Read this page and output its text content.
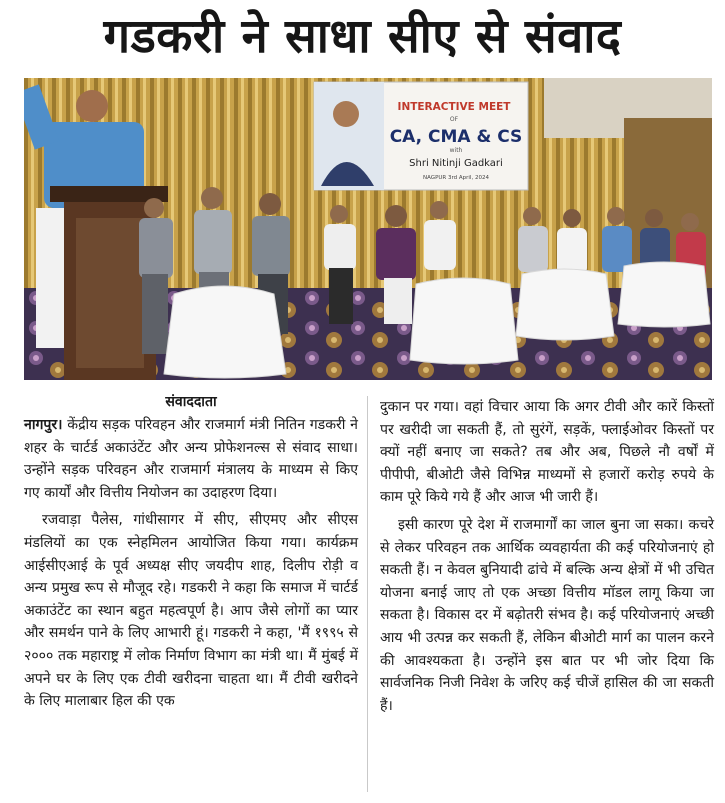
गडकरी ने साधा सीए से संवाद
INTERACTIVE MEET
OF
CA, CMA & CS
with
Shri Nitinji Gadkari
NAGPUR 3rd April, 2024
संवाददाता

नागपुर। केंद्रीय सड़क परिवहन और राजमार्ग मंत्री नितिन गडकरी ने शहर के चार्टर्ड अकाउंटेंट और अन्य प्रोफेशनल्स से संवाद साधा। उन्होंने सड़क परिवहन और राजमार्ग मंत्रालय के माध्यम से किए गए कार्यों और वित्तीय नियोजन का उदाहरण दिया।

रजवाड़ा पैलेस, गांधीसागर में सीए, सीएमए और सीएस मंडलियों का एक स्नेहमिलन आयोजित किया गया। कार्यक्रम आईसीएआई के पूर्व अध्यक्ष सीए जयदीप शाह, दिलीप रोड़ी व अन्य प्रमुख रूप से मौजूद रहे। गडकरी ने कहा कि समाज में चार्टर्ड अकाउंटेंट का स्थान बहुत महत्वपूर्ण है। आप जैसे लोगों का प्यार और समर्थन पाने के लिए आभारी हूं। गडकरी ने कहा, 'मैं १९९५ से २००० तक महाराष्ट्र में लोक निर्माण विभाग का मंत्री था। मैं मुंबई में अपने घर के लिए एक टीवी खरीदना चाहता था। मैं टीवी खरीदने के लिए मालाबार हिल की एक

दुकान पर गया। वहां विचार आया कि अगर टीवी और कारें किस्तों पर खरीदी जा सकती हैं, तो सुरंगें, सड़कें, फ्लाईओवर किस्तों पर क्यों नहीं बनाए जा सकते? तब और अब, पिछले नौ वर्षों में पीपीपी, बीओटी जैसे विभिन्न माध्यमों से हजारों करोड़ रुपये के काम पूरे किये गये हैं और आज भी जारी हैं।

इसी कारण पूरे देश में राजमार्गों का जाल बुना जा सका। कचरे से लेकर परिवहन तक आर्थिक व्यवहार्यता की कई परियोजनाएं हो सकती हैं। न केवल बुनियादी ढांचे में बल्कि अन्य क्षेत्रों में भी उचित योजना बनाई जाए तो एक अच्छा वित्तीय मॉडल लागू किया जा सकता है। विकास दर में बढ़ोतरी संभव है। कई परियोजनाएं अच्छी आय भी उत्पन्न कर सकती हैं, लेकिन बीओटी मार्ग का पालन करने की आवश्यकता है। उन्होंने इस बात पर भी जोर दिया कि सार्वजनिक निजी निवेश के जरिए कई चीजें हासिल की जा सकती हैं।
